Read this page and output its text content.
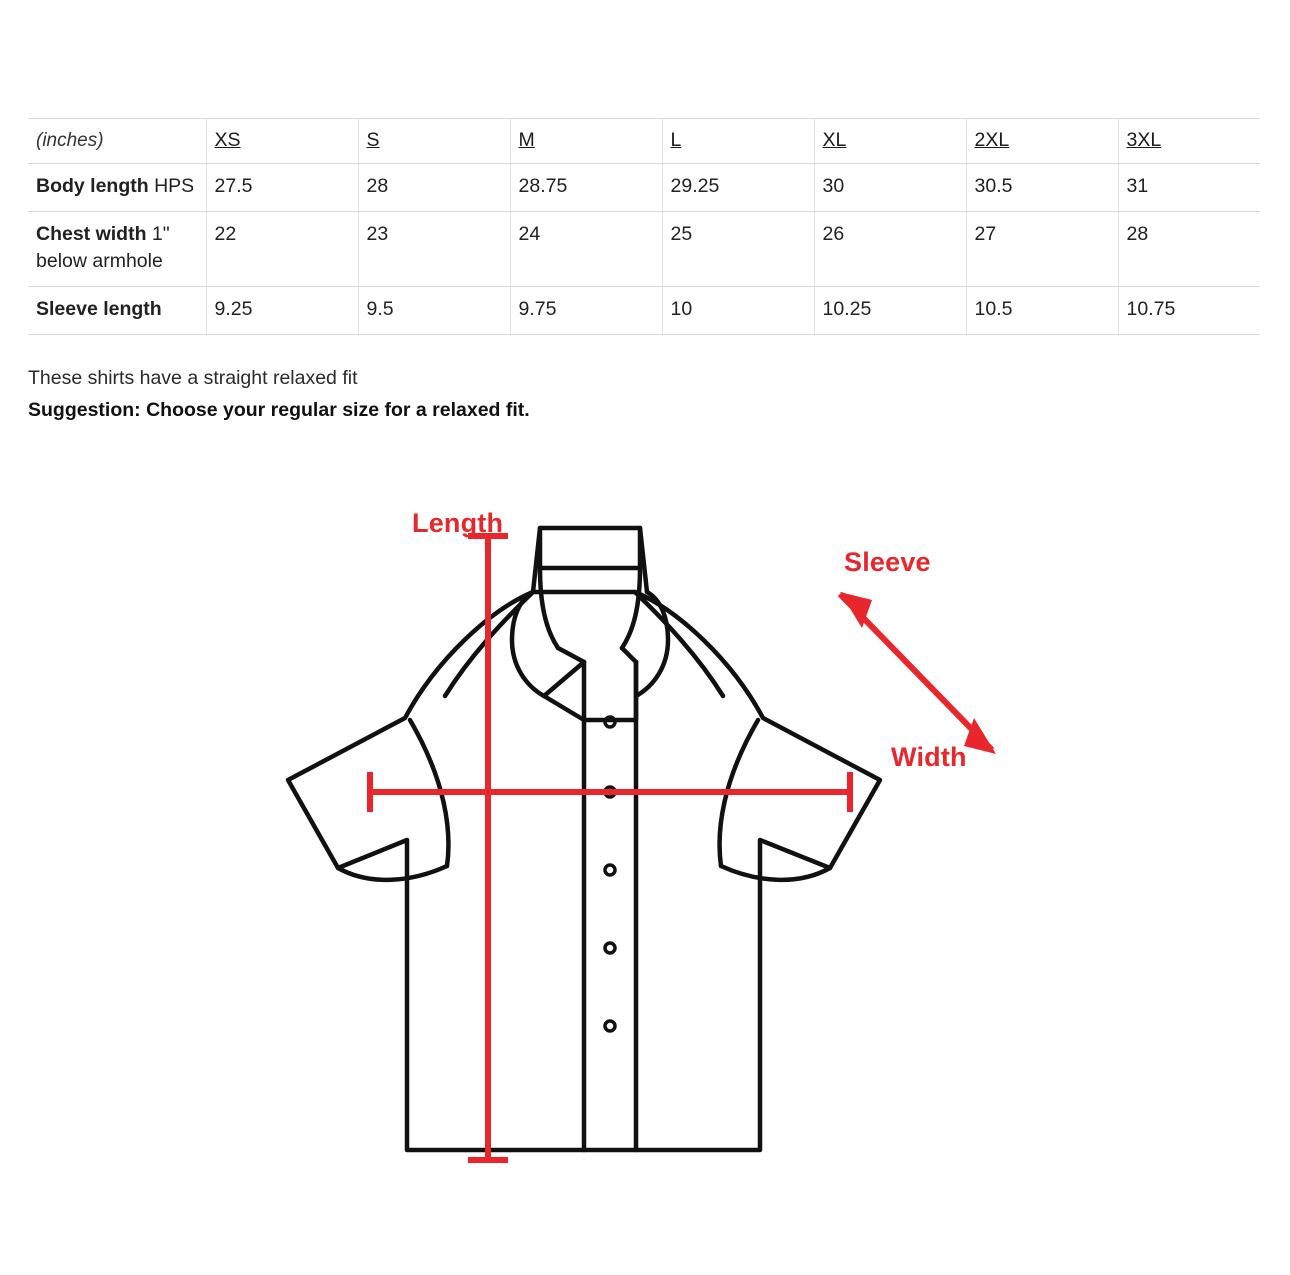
(inches)	XS	S	M	L	XL	2XL	3XL
Body length HPS	27.5	28	28.75	29.25	30	30.5	31
Chest width 1" below armhole	22	23	24	25	26	27	28
Sleeve length	9.25	9.5	9.75	10	10.25	10.5	10.75
These shirts have a straight relaxed fit
Suggestion: Choose your regular size for a relaxed fit.
Length
Sleeve
Width
